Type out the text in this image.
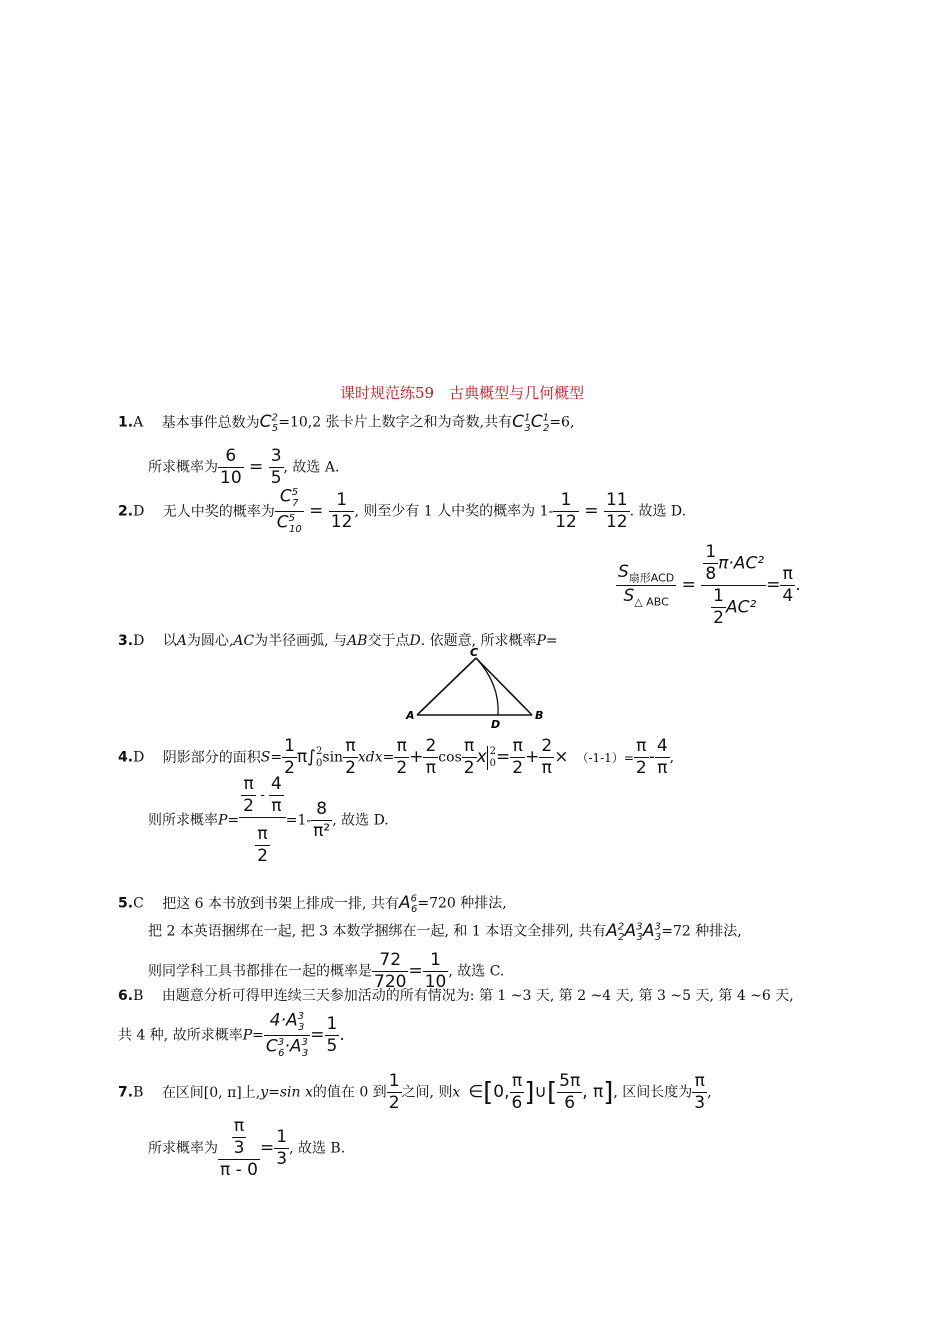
课时规范练59　古典概型与几何概型
1.A 基本事件总数为$C^2_5=10,2$ 张卡片上数字之和为奇数,共有$C^1_3C^1_2=6$,
所求概率为 $\frac{6}{10} = \frac{3}{5}$ , 故选 A.
2.D 无人中奖的概率为 $\frac{C^5_7}{C^5_{10}} = \frac{1}{12}$ , 则至少有 1 人中奖的概率为 $1- \frac{1}{12} = \frac{11}{12}$ . 故选 D.
$\frac{S_{扇形ACD}}{S_{\triangle ABC}} = \frac{\frac{1}{8} \pi\cdot AC^2}{\frac{1}{2} AC^2} = \frac{\pi}{4}$ .
3.D 以A为圆心,AC为半径画弧, 与AB交于点D. 依题意, 所求概率P=
C
A	B
D
4.D 阴影部分的面积$S= \frac{1}{2} \pi\int$ 2
0 $\sin \frac{\pi}{2} xdx= \frac{\pi}{2} + \frac{2}{\pi}$ $\cos \frac{\pi}{2}$ x 2
$0 = \frac{\pi}{2} + \frac{2}{\pi} \times (-1-1)= \frac{\pi}{2} - \frac{4}{\pi}$ ,
则所求概率$P= \frac{\frac{\pi}{2} - \frac{4}{\pi}}{\frac{\pi}{2}} =1- \frac{8}{\text{π²}}$ , 故选 D.
5.C 把这 6 本书放到书架上排成一排, 共有$A^6_6=720$ 种排法,
把 2 本英语捆绑在一起, 把 3 本数学捆绑在一起, 和 1 本语文全排列, 共有$A^2_2A^3_3A^3_3=72$ 种排法,
则同学科工具书都排在一起的概率是 $\frac{72}{720} = \frac{1}{10}$ , 故选 C.
6.B 由题意分析可得甲连续三天参加活动的所有情况为: 第 1 ~3 天, 第 2 ~4 天, 第 3 ~5 天, 第 4 ~6 天,
共 4 种, 故所求概率$P= \frac{4\cdot A^3_3}{C^3_6\cdot A^3_3} = \frac{1}{5}$ .
7.B 在区间[0, π]上,y=sin x的值在 0 到 $\frac{1}{2}$ 之间, 则x ∈[0, $\frac{\pi}{6}$ ]∪[ $\frac{5\pi}{6}$ , π], 区间长度为 $\frac{\pi}{3}$ ,
所求概率为 $\frac{\frac{\pi}{3}}{\pi - 0} = \frac{1}{3}$ , 故选 B.
